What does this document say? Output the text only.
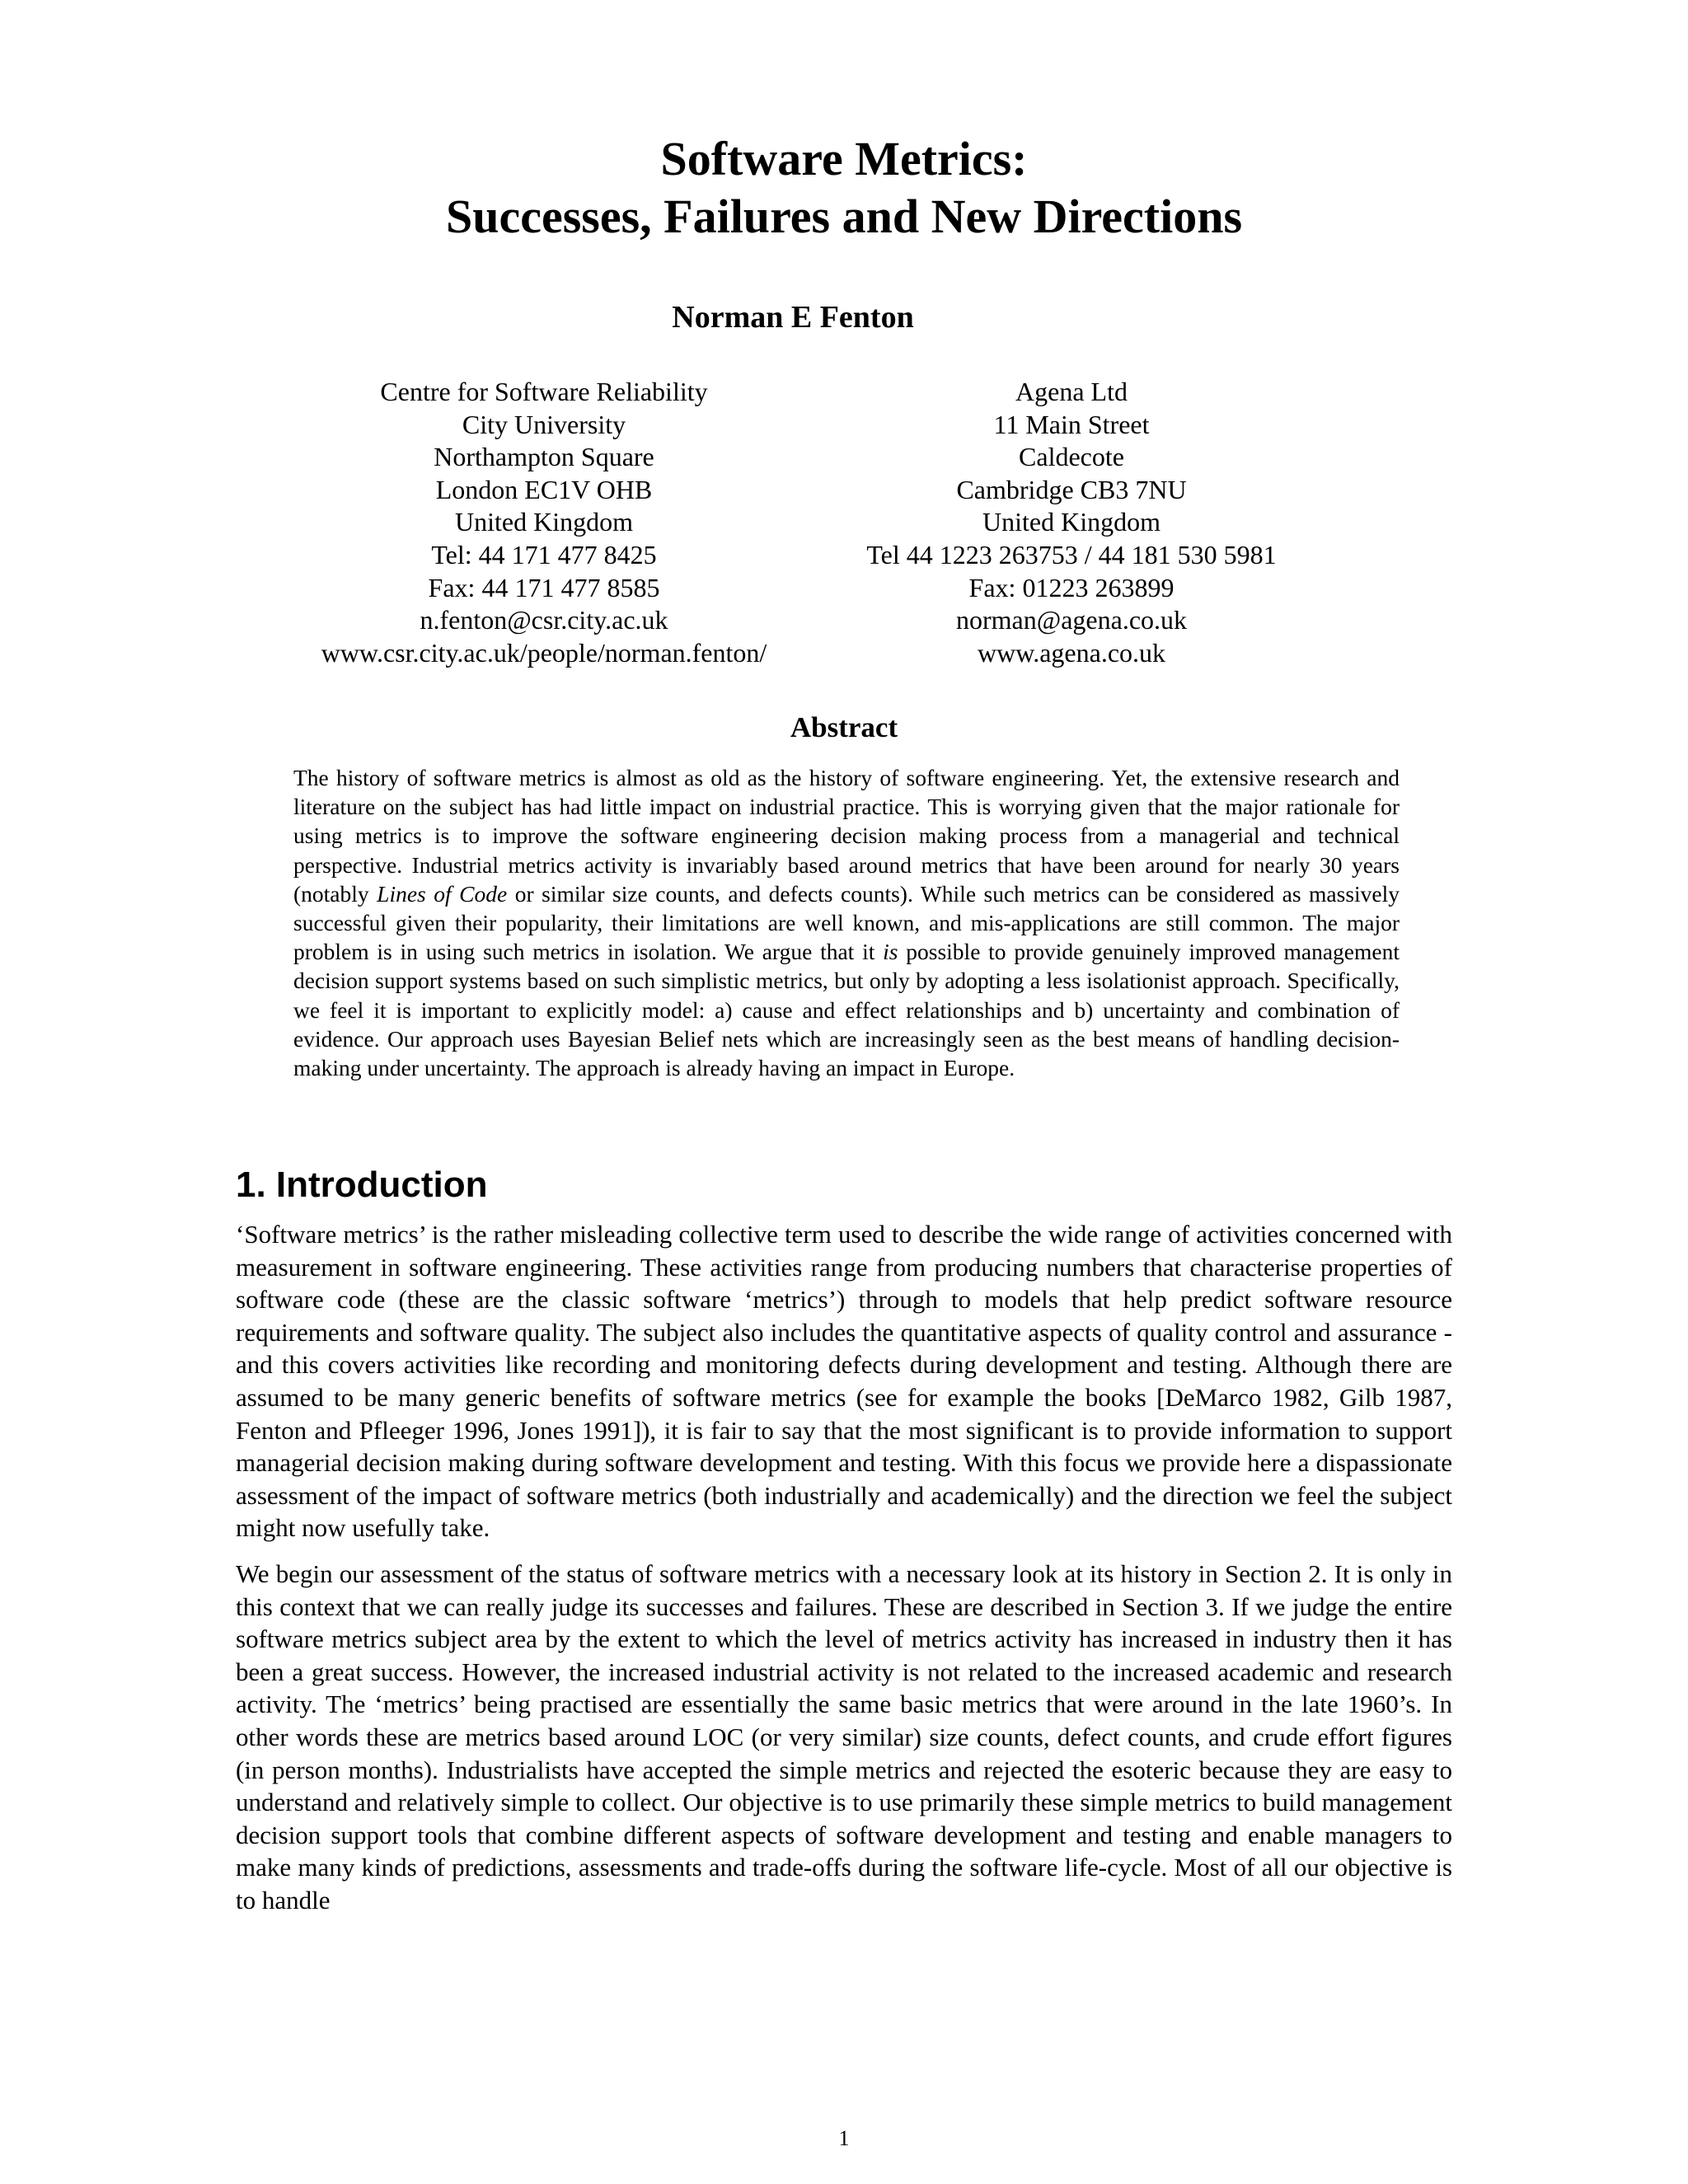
Software Metrics:
Successes, Failures and New Directions
Norman E Fenton
Centre for Software Reliability
City University
Northampton Square
London EC1V OHB
United Kingdom
Tel: 44 171 477 8425
Fax: 44 171 477 8585
n.fenton@csr.city.ac.uk
www.csr.city.ac.uk/people/norman.fenton/
Agena Ltd
11 Main Street
Caldecote
Cambridge CB3 7NU
United Kingdom
Tel 44 1223 263753 / 44 181 530 5981
Fax: 01223 263899
norman@agena.co.uk
www.agena.co.uk
Abstract

The history of software metrics is almost as old as the history of software engineering. Yet, the extensive research and literature on the subject has had little impact on industrial practice. This is worrying given that the major rationale for using metrics is to improve the software engineering decision making process from a managerial and technical perspective. Industrial metrics activity is invariably based around metrics that have been around for nearly 30 years (notably Lines of Code or similar size counts, and defects counts). While such metrics can be considered as massively successful given their popularity, their limitations are well known, and mis-applications are still common. The major problem is in using such metrics in isolation. We argue that it is possible to provide genuinely improved management decision support systems based on such simplistic metrics, but only by adopting a less isolationist approach. Specifically, we feel it is important to explicitly model: a) cause and effect relationships and b) uncertainty and combination of evidence. Our approach uses Bayesian Belief nets which are increasingly seen as the best means of handling decision-making under uncertainty. The approach is already having an impact in Europe.

1. Introduction

‘Software metrics’ is the rather misleading collective term used to describe the wide range of activities concerned with measurement in software engineering. These activities range from producing numbers that characterise properties of software code (these are the classic software ‘metrics’) through to models that help predict software resource requirements and software quality. The subject also includes the quantitative aspects of quality control and assurance - and this covers activities like recording and monitoring defects during development and testing. Although there are assumed to be many generic benefits of software metrics (see for example the books [DeMarco 1982, Gilb 1987, Fenton and Pfleeger 1996, Jones 1991]), it is fair to say that the most significant is to provide information to support managerial decision making during software development and testing. With this focus we provide here a dispassionate assessment of the impact of software metrics (both industrially and academically) and the direction we feel the subject might now usefully take.

We begin our assessment of the status of software metrics with a necessary look at its history in Section 2. It is only in this context that we can really judge its successes and failures. These are described in Section 3. If we judge the entire software metrics subject area by the extent to which the level of metrics activity has increased in industry then it has been a great success. However, the increased industrial activity is not related to the increased academic and research activity. The ‘metrics’ being practised are essentially the same basic metrics that were around in the late 1960’s. In other words these are metrics based around LOC (or very similar) size counts, defect counts, and crude effort figures (in person months). Industrialists have accepted the simple metrics and rejected the esoteric because they are easy to understand and relatively simple to collect. Our objective is to use primarily these simple metrics to build management decision support tools that combine different aspects of software development and testing and enable managers to make many kinds of predictions, assessments and trade-offs during the software life-cycle. Most of all our objective is to handle

1
